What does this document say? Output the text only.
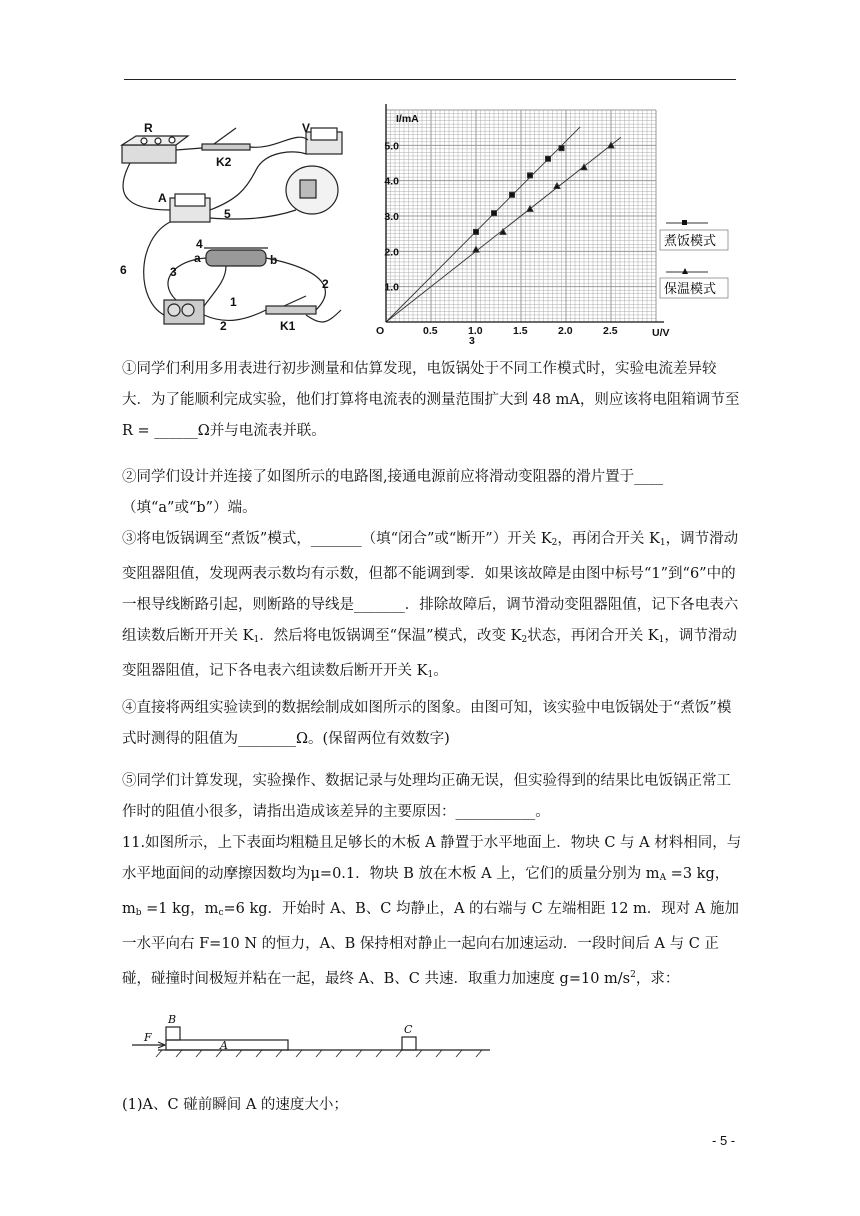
R
K2
V
A
5
4
a	b
3
6
1
2
2	K1
I/mA
U/V
O
3
0.5	1.0	1.5	2.0	2.5
1.0
2.0
3.0
4.0
5.0
煮饭模式
保温模式
①同学们利用多用表进行初步测量和估算发现，电饭锅处于不同工作模式时，实验电流差异较大．为了能顺利完成实验，他们打算将电流表的测量范围扩大到 48 mA，则应该将电阻箱调节至 R = ______Ω并与电流表并联。
②同学们设计并连接了如图所示的电路图,接通电源前应将滑动变阻器的滑片置于____（填“a”或“b”）端。
③将电饭锅调至“煮饭”模式，_______（填“闭合”或“断开”）开关 $K_2$，再闭合开关 $K_1$，调节滑动变阻器阻值，发现两表示数均有示数，但都不能调到零．如果该故障是由图中标号“1”到“6”中的一根导线断路引起，则断路的导线是_______．排除故障后，调节滑动变阻器阻值，记下各电表六组读数后断开开关 $K_1$．然后将电饭锅调至“保温”模式，改变 $K_2$状态，再闭合开关 $K_1$，调节滑动变阻器阻值，记下各电表六组读数后断开开关 $K_1$。
④直接将两组实验读到的数据绘制成如图所示的图象。由图可知，该实验中电饭锅处于“煮饭”模式时测得的阻值为________Ω。(保留两位有效数字)
⑤同学们计算发现，实验操作、数据记录与处理均正确无误，但实验得到的结果比电饭锅正常工作时的阻值小很多，请指出造成该差异的主要原因：___________。
11.如图所示，上下表面均粗糙且足够长的木板 A 静置于水平地面上．物块 C 与 A 材料相同，与水平地面间的动摩擦因数均为μ=0.1．物块 B 放在木板 A 上，它们的质量分别为 $m_A =3$ kg，$m_b =1$ kg，$m_c=6$ kg．开始时 A、B、C 均静止，A 的右端与 C 左端相距 12 m．现对 A 施加一水平向右 F=10 N 的恒力，A、B 保持相对静止一起向右加速运动．一段时间后 A 与 C 正碰，碰撞时间极短并粘在一起，最终 A、B、C 共速．取重力加速度 g=10 $m/s^2$，求：
F
B
A
C
(1)A、C 碰前瞬间 A 的速度大小；
- 5 -
